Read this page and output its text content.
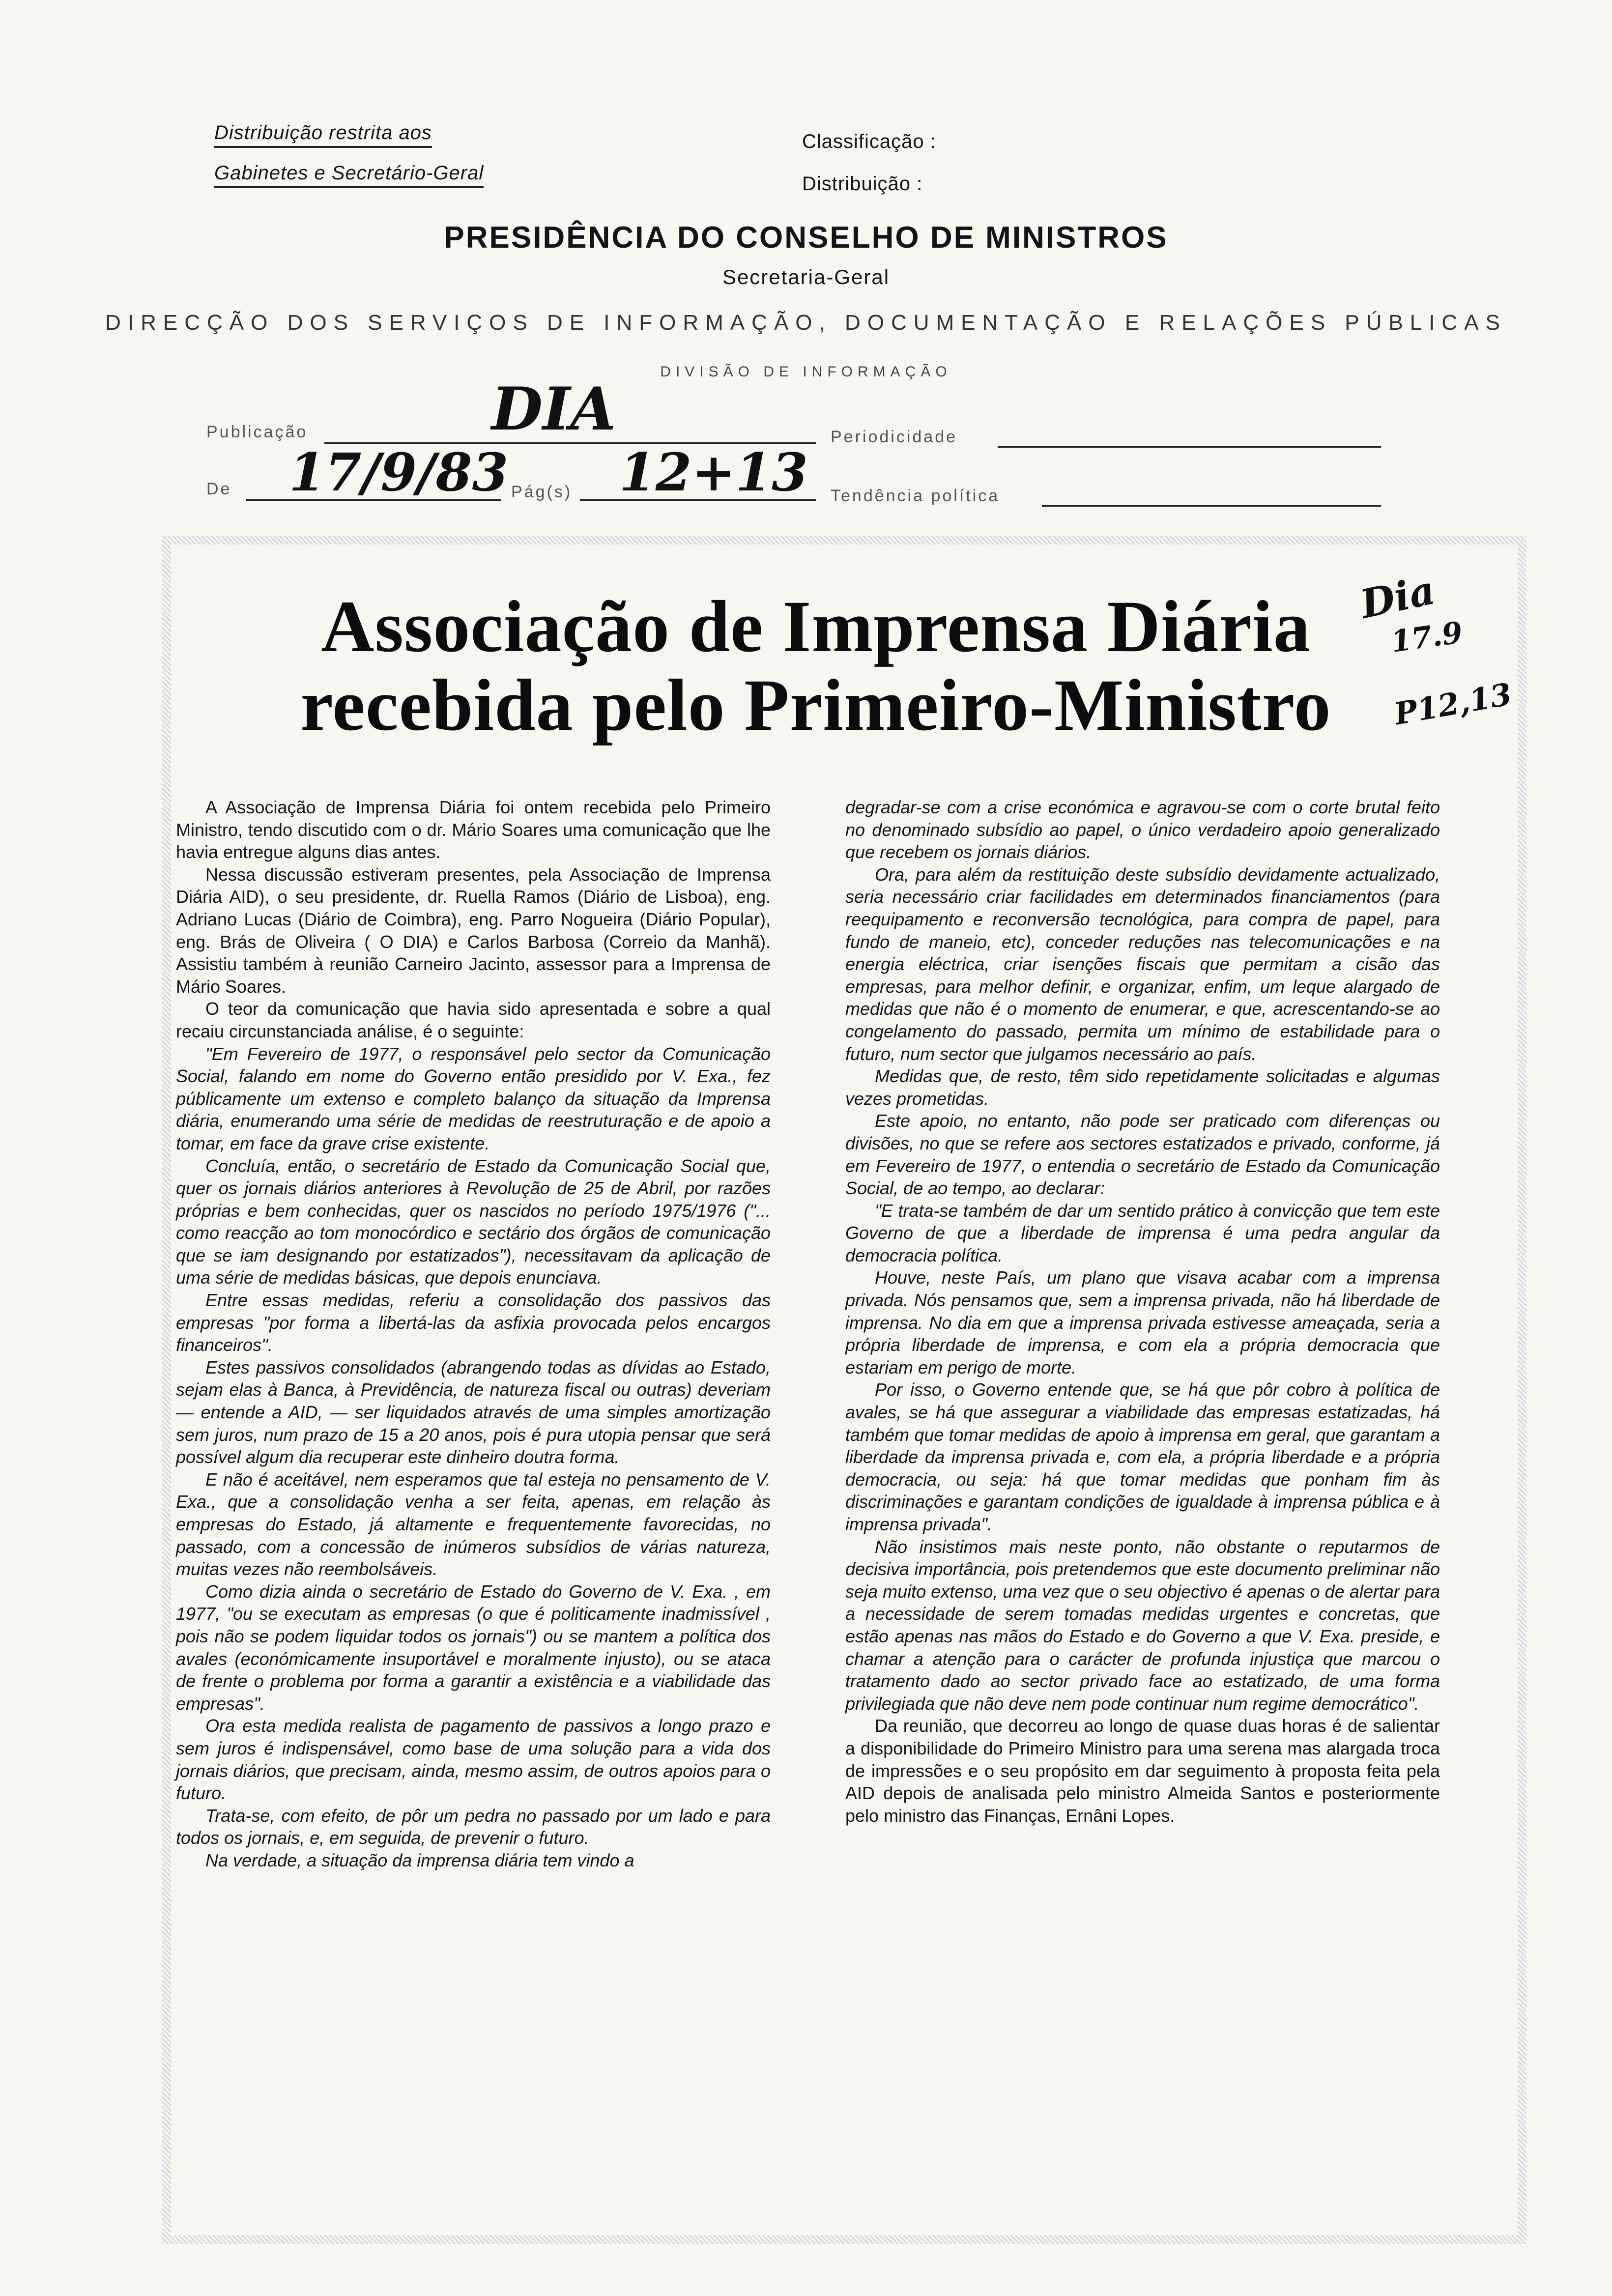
Distribuição restrita aos
Gabinetes e Secretário-Geral
Classificação :
Distribuição :
PRESIDÊNCIA DO CONSELHO DE MINISTROS
Secretaria-Geral
DIRECÇÃO DOS SERVIÇOS DE INFORMAÇÃO, DOCUMENTAÇÃO E RELAÇÕES PÚBLICAS
DIVISÃO DE INFORMAÇÃO
Publicação	DIA	Periodicidade
De 17/9/83 Pág(s) 12+13 Tendência política
Associação de Imprensa Diária
recebida pelo Primeiro-Ministro
Dia
17.9
P12,13

A Associação de Imprensa Diária foi ontem recebida pelo Primeiro Ministro, tendo discutido com o dr. Mário Soares uma comunicação que lhe havia entregue alguns dias antes.

Nessa discussão estiveram presentes, pela Associação de Imprensa Diária AID), o seu presidente, dr. Ruella Ramos (Diário de Lisboa), eng. Adriano Lucas (Diário de Coimbra), eng. Parro Nogueira (Diário Popular), eng. Brás de Oliveira ( O DIA) e Carlos Barbosa (Correio da Manhã). Assistiu também à reunião Carneiro Jacinto, assessor para a Imprensa de Mário Soares.

O teor da comunicação que havia sido apresentada e sobre a qual recaiu circunstanciada análise, é o seguinte:

"Em Fevereiro de 1977, o responsável pelo sector da Comunicação Social, falando em nome do Governo então presidido por V. Exa., fez públicamente um extenso e completo balanço da situação da Imprensa diária, enumerando uma série de medidas de reestruturação e de apoio a tomar, em face da grave crise existente.

Concluía, então, o secretário de Estado da Comunicação Social que, quer os jornais diários anteriores à Revolução de 25 de Abril, por razões próprias e bem conhecidas, quer os nascidos no período 1975/1976 ("... como reacção ao tom monocórdico e sectário dos órgãos de comunicação que se iam designando por estatizados"), necessitavam da aplicação de uma série de medidas básicas, que depois enunciava.

Entre essas medidas, referiu a consolidação dos passivos das empresas "por forma a libertá-las da asfixia provocada pelos encargos financeiros".

Estes passivos consolidados (abrangendo todas as dívidas ao Estado, sejam elas à Banca, à Previdência, de natureza fiscal ou outras) deveriam — entende a AID, — ser liquidados através de uma simples amortização sem juros, num prazo de 15 a 20 anos, pois é pura utopia pensar que será possível algum dia recuperar este dinheiro doutra forma.

E não é aceitável, nem esperamos que tal esteja no pensamento de V. Exa., que a consolidação venha a ser feita, apenas, em relação às empresas do Estado, já altamente e frequentemente favorecidas, no passado, com a concessão de inúmeros subsídios de várias natureza, muitas vezes não reembolsáveis.

Como dizia ainda o secretário de Estado do Governo de V. Exa. , em 1977, "ou se executam as empresas (o que é politicamente inadmissível , pois não se podem liquidar todos os jornais") ou se mantem a política dos avales (económicamente insuportável e moralmente injusto), ou se ataca de frente o problema por forma a garantir a existência e a viabilidade das empresas".

Ora esta medida realista de pagamento de passivos a longo prazo e sem juros é indispensável, como base de uma solução para a vida dos jornais diários, que precisam, ainda, mesmo assim, de outros apoios para o futuro.

Trata-se, com efeito, de pôr um pedra no passado por um lado e para todos os jornais, e, em seguida, de prevenir o futuro.

Na verdade, a situação da imprensa diária tem vindo a

degradar-se com a crise económica e agravou-se com o corte brutal feito no denominado subsídio ao papel, o único verdadeiro apoio generalizado que recebem os jornais diários.

Ora, para além da restituição deste subsídio devidamente actualizado, seria necessário criar facilidades em determinados financiamentos (para reequipamento e reconversão tecnológica, para compra de papel, para fundo de maneio, etc), conceder reduções nas telecomunicações e na energia eléctrica, criar isenções fiscais que permitam a cisão das empresas, para melhor definir, e organizar, enfim, um leque alargado de medidas que não é o momento de enumerar, e que, acrescentando-se ao congelamento do passado, permita um mínimo de estabilidade para o futuro, num sector que julgamos necessário ao país.

Medidas que, de resto, têm sido repetidamente solicitadas e algumas vezes prometidas.

Este apoio, no entanto, não pode ser praticado com diferenças ou divisões, no que se refere aos sectores estatizados e privado, conforme, já em Fevereiro de 1977, o entendia o secretário de Estado da Comunicação Social, de ao tempo, ao declarar:

"E trata-se também de dar um sentido prático à convicção que tem este Governo de que a liberdade de imprensa é uma pedra angular da democracia política.

Houve, neste País, um plano que visava acabar com a imprensa privada. Nós pensamos que, sem a imprensa privada, não há liberdade de imprensa. No dia em que a imprensa privada estivesse ameaçada, seria a própria liberdade de imprensa, e com ela a própria democracia que estariam em perigo de morte.

Por isso, o Governo entende que, se há que pôr cobro à política de avales, se há que assegurar a viabilidade das empresas estatizadas, há também que tomar medidas de apoio à imprensa em geral, que garantam a liberdade da imprensa privada e, com ela, a própria liberdade e a própria democracia, ou seja: há que tomar medidas que ponham fim às discriminações e garantam condições de igualdade à imprensa pública e à imprensa privada".

Não insistimos mais neste ponto, não obstante o reputarmos de decisiva importância, pois pretendemos que este documento preliminar não seja muito extenso, uma vez que o seu objectivo é apenas o de alertar para a necessidade de serem tomadas medidas urgentes e concretas, que estão apenas nas mãos do Estado e do Governo a que V. Exa. preside, e chamar a atenção para o carácter de profunda injustiça que marcou o tratamento dado ao sector privado face ao estatizado, de uma forma privilegiada que não deve nem pode continuar num regime democrático".

Da reunião, que decorreu ao longo de quase duas horas é de salientar a disponibilidade do Primeiro Ministro para uma serena mas alargada troca de impressões e o seu propósito em dar seguimento à proposta feita pela AID depois de analisada pelo ministro Almeida Santos e posteriormente pelo ministro das Finanças, Ernâni Lopes.
